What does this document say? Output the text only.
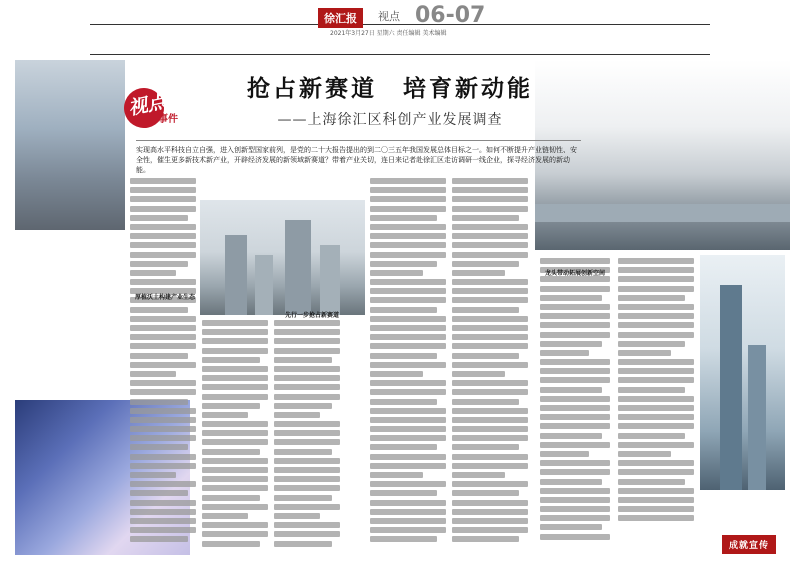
徐汇报	视点 06-07
2021年3月27日 星期六 责任编辑 美术编辑
视点
事件
抢占新赛道　培育新动能
——上海徐汇区科创产业发展调查
实现高水平科技自立自强，进入创新型国家前列，是党的二十大报告提出的到二〇三五年我国发展总体目标之一。如何不断提升产业链韧性、安全性，催生更多新技术新产业，开辟经济发展的新领域新赛道？带着产业关切，连日来记者赴徐汇区走访调研一线企业，探寻经济发展的新动能。
厚植沃土构建产业生态
先行一步抢占新赛道
龙头带动拓展创新空间
成就宣传
